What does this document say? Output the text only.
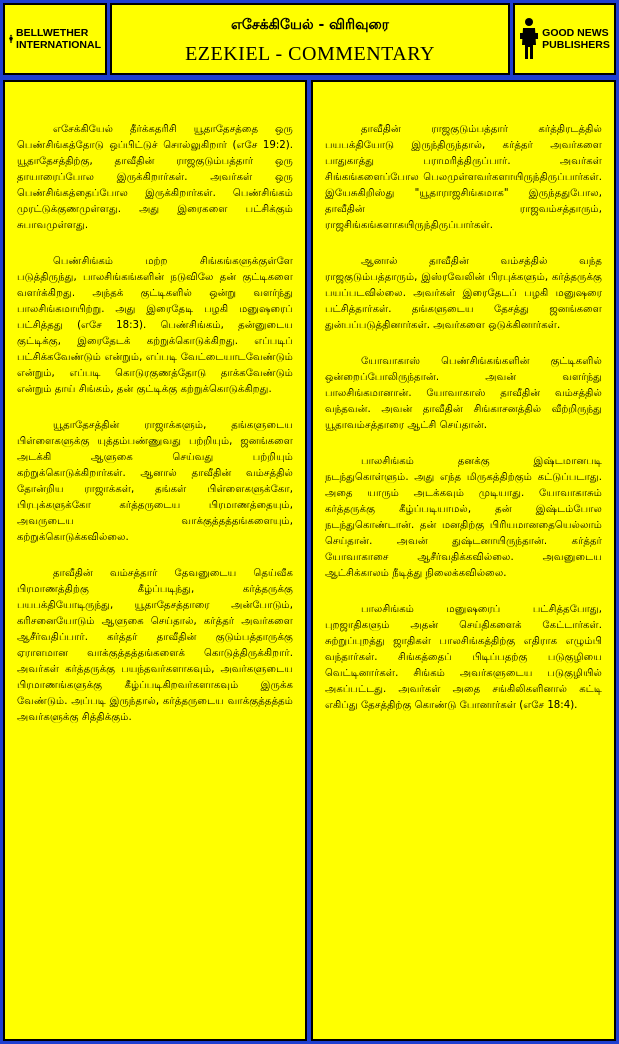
BELLWETHER
INTERNATIONAL
எசேக்கியேல் - விரிவுரை
EZEKIEL - COMMENTARY
GOOD NEWS
PUBLISHERS

எசேக்கியேல் தீர்க்கதரிசி யூதாதேசத்தை ஒரு பெண்சிங்கத்தோடு ஒப்பிட்டுச் சொல்லுகிறார் (எசே 19:2). யூதாதேசத்திற்கு, தாவீதின் ராஜகுடும்பத்தார் ஒரு தாயாரைப்போல இருக்கிறார்கள். அவர்கள் ஒரு பெண்சிங்கத்தைப்போல இருக்கிறார்கள். பெண்சிங்கம் முரட்டுக்குணமுள்ளது. அது இரைகளை பட்சிக்கும் சுபாவமுள்ளது.

பெண்சிங்கம் மற்ற சிங்கங்களுக்குள்ளே படுத்திருந்து, பாலசிங்கங்களின் நடுவிலே தன் குட்டிகளை வளர்க்கிறது. அந்தக் குட்டிகளில் ஒன்று வளர்ந்து பாலசிங்கமாயிற்று. அது இரைதேடி பழகி மனுஷரைப் பட்சித்தது (எசே 18:3). பெண்சிங்கம், தன்னுடைய குட்டிக்கு, இரைதேடக் கற்றுக்கொடுக்கிறது. எப்படிப் பட்சிக்கவேண்டும் என்றும், எப்படி வேட்டையாடவேண்டும் என்றும், எப்படி கொடுரகுணத்தோடு தாக்கவேண்டும் என்றும் தாய் சிங்கம், தன் குட்டிக்கு கற்றுக்கொடுக்கிறது.

யூதாதேசத்தின் ராஜாக்களும், தங்களுடைய பிள்ளைகளுக்கு யுத்தம்பண்ணுவது பற்றியும், ஜனங்களை அடக்கி ஆளுகை செய்வது பற்றியும் கற்றுக்கொடுக்கிறார்கள். ஆனால் தாவீதின் வம்சத்தில் தோன்றிய ராஜாக்கள், தங்கள் பிள்ளைகளுக்கோ, பிரபுக்களுக்கோ கர்த்தருடைய பிரமாணத்தையும், அவருடைய வாக்குத்தத்தங்களையும், கற்றுக்கொடுக்கவில்லை.

தாவீதின் வம்சத்தார் தேவனுடைய தெய்வீக பிரமாணத்திற்கு கீழ்ப்படிந்து, கர்த்தருக்கு பயபக்தியோடிருந்து, யூதாதேசத்தாரை அன்போடும், கரிசனையோடும் ஆளுகை செய்தால், கர்த்தர் அவர்களை ஆசீர்வதிப்பார். கர்த்தர் தாவீதின் குடும்பத்தாருக்கு ஏராளமான வாக்குத்தத்தங்களைக் கொடுத்திருக்கிறார். அவர்கள் கர்த்தருக்கு பயந்தவர்களாகவும், அவர்களுடைய பிரமாணங்களுக்கு கீழ்ப்படிகிறவர்களாகவும் இருக்க வேண்டும். அப்படி இருந்தால், கர்த்தருடைய வாக்குத்தத்தம் அவர்களுக்கு சித்திக்கும்.

தாவீதின் ராஜகுடும்பத்தார் கர்த்திரடத்தில் பயபக்தியோடு இருந்திருந்தால், கர்த்தர் அவர்களை பாதுகாத்து பராமரித்திருப்பார். அவர்கள் சிங்கங்களைப்போல பெலமுள்ளவர்களாயிருந்திருப்பார்கள். இயேசுகிறிஸ்து "யூதாராஜசிங்கமாக" இருந்ததுபோல, தாவீதின் ராஜவம்சத்தாரும், ராஜசிங்கங்களாகயிருந்திருப்பார்கள்.

ஆனால் தாவீதின் வம்சத்தில் வந்த ராஜகுடும்பத்தாரும், இஸ்ரவேலின் பிரபுக்களும், கர்த்தருக்கு பயப்படவில்லை. அவர்கள் இரைதேடப் பழகி மனுஷரை பட்சித்தார்கள். தங்களுடைய தேசத்து ஜனங்களை துன்பப்படுத்தினார்கள். அவர்களை ஒடுக்கினார்கள்.

யோவாகாஸ் பெண்சிங்கங்களின் குட்டிகளில் ஒன்றைப்போலிருந்தான். அவன் வளர்ந்து பாலசிங்கமானான். யோவாகாஸ் தாவீதின் வம்சத்தில் வந்தவன். அவன் தாவீதின் சிங்காசனத்தில் வீற்றிருந்து யூதாவம்சத்தாரை ஆட்சி செய்தான்.

பாலசிங்கம் தனக்கு இஷ்டமானபடி நடந்துகொள்ளும். அது எந்த மிருகத்திற்கும் கட்டுப்படாது. அதை யாரும் அடக்கவும் முடியாது. யோவாகாசும் கர்த்தருக்கு கீழ்ப்படியாமல், தன் இஷ்டம்போல நடந்துகொண்டான். தன் மனதிற்கு பிரியமானதையெல்லாம் செய்தான். அவன் துஷ்டனாயிருந்தான். கர்த்தர் யோவாகாசை ஆசீர்வதிக்கவில்லை. அவனுடைய ஆட்சிக்காலம் நீடித்து நிலைக்கவில்லை.

பாலசிங்கம் மனுஷரைப் பட்சித்தபோது, புறஜாதிகளும் அதன் செய்திகளைக் கேட்டார்கள். சுற்றுப்புறத்து ஜாதிகள் பாலசிங்கத்திற்கு எதிராக எழும்பி வந்தார்கள். சிங்கத்தைப் பிடிப்பதற்கு படுகுழியை வெட்டினார்கள். சிங்கம் அவர்களுடைய படுகுழியில் அகப்பட்டது. அவர்கள் அதை சங்கிலிகளினால் கட்டி எகிப்து தேசத்திற்கு கொண்டு போனார்கள் (எசே 18:4).
